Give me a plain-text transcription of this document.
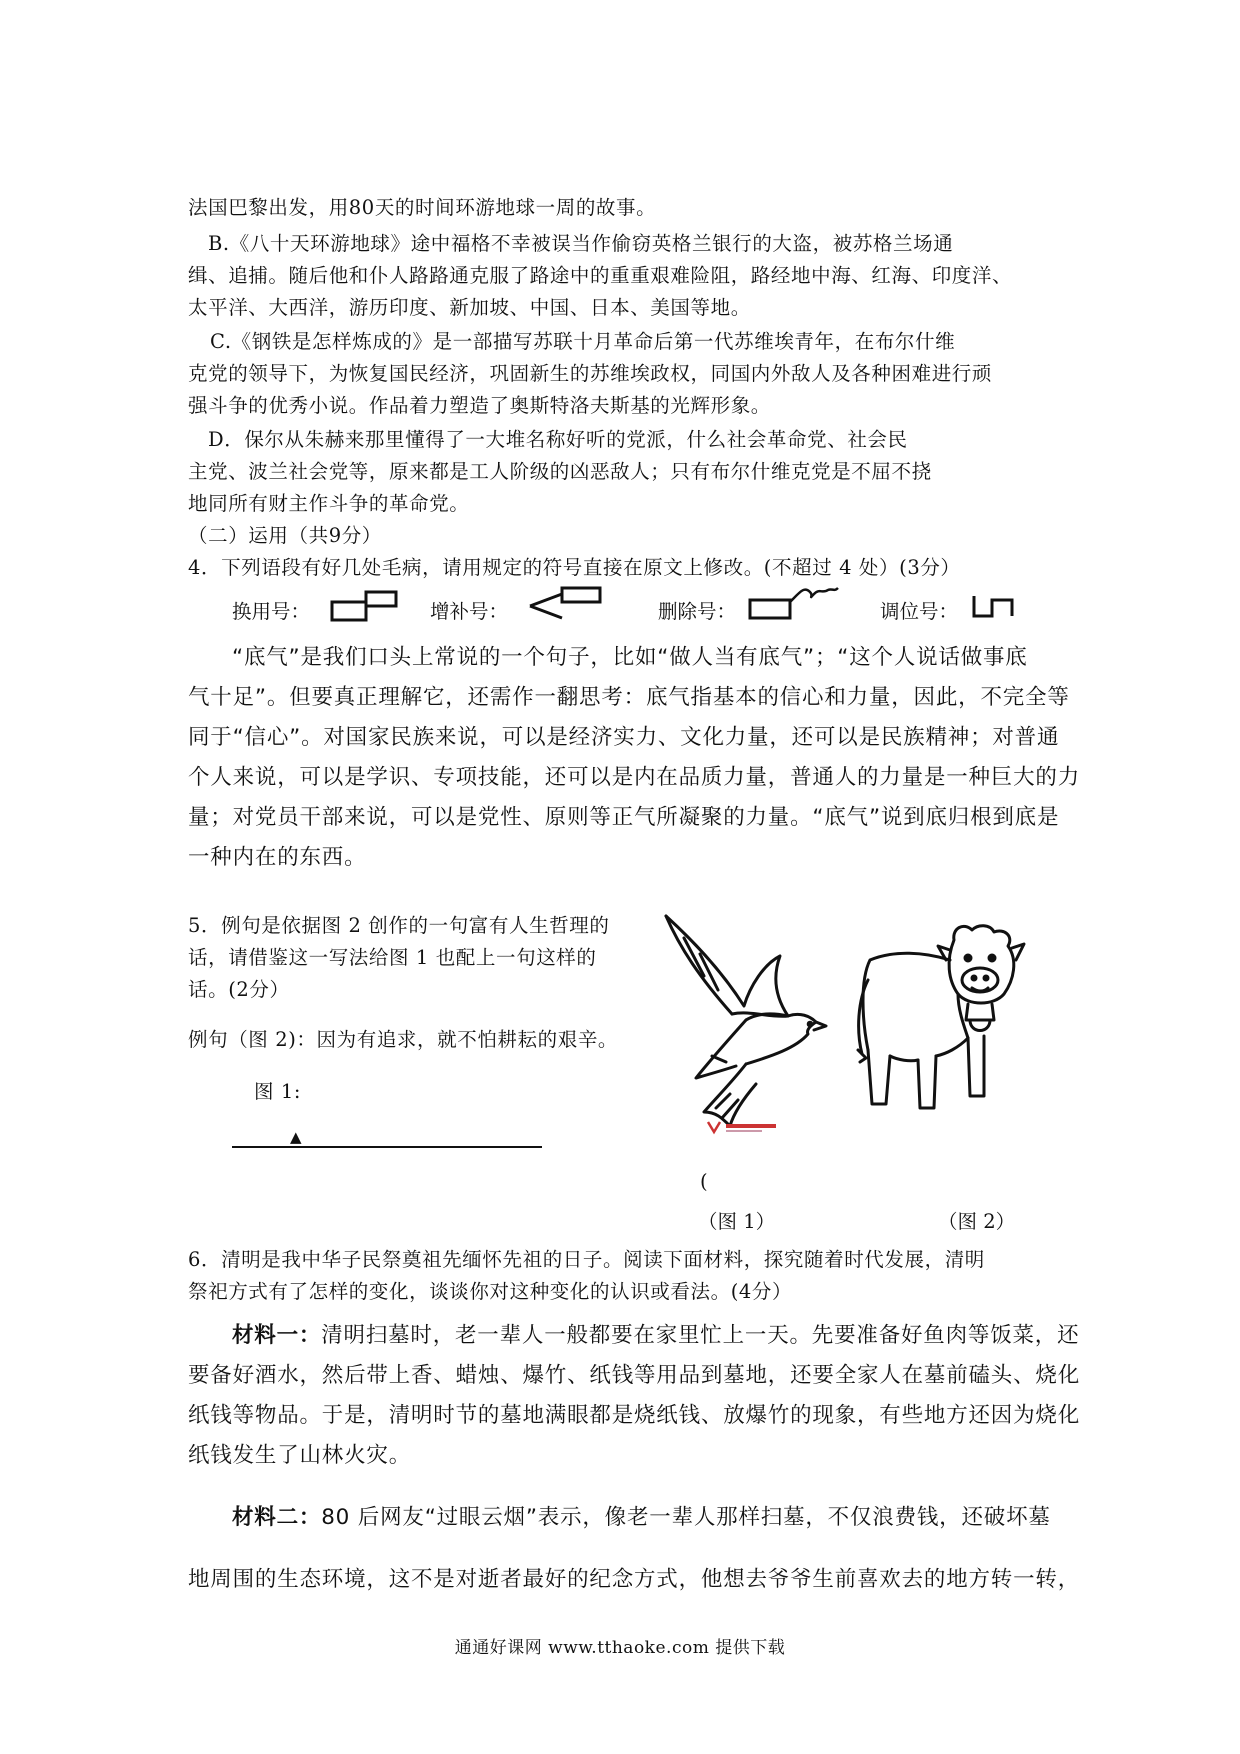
法国巴黎出发，用80天的时间环游地球一周的故事。
B.《八十天环游地球》途中福格不幸被误当作偷窃英格兰银行的大盗，被苏格兰场通
缉、追捕。随后他和仆人路路通克服了路途中的重重艰难险阻，路经地中海、红海、印度洋、
太平洋、大西洋，游历印度、新加坡、中国、日本、美国等地。
C.《钢铁是怎样炼成的》是一部描写苏联十月革命后第一代苏维埃青年，在布尔什维
克党的领导下，为恢复国民经济，巩固新生的苏维埃政权，同国内外敌人及各种困难进行顽
强斗争的优秀小说。作品着力塑造了奥斯特洛夫斯基的光辉形象。
D．保尔从朱赫来那里懂得了一大堆名称好听的党派，什么社会革命党、社会民
主党、波兰社会党等，原来都是工人阶级的凶恶敌人；只有布尔什维克党是不屈不挠
地同所有财主作斗争的革命党。
（二）运用（共9分）
4．下列语段有好几处毛病，请用规定的符号直接在原文上修改。(不超过 4 处）(3分）
换用号：	增补号：	删除号：	调位号：
“底气”是我们口头上常说的一个句子，比如“做人当有底气”；“这个人说话做事底
气十足”。但要真正理解它，还需作一翻思考：底气指基本的信心和力量，因此，不完全等
同于“信心”。对国家民族来说，可以是经济实力、文化力量，还可以是民族精神；对普通
个人来说，可以是学识、专项技能，还可以是内在品质力量，普通人的力量是一种巨大的力
量；对党员干部来说，可以是党性、原则等正气所凝聚的力量。“底气”说到底归根到底是
一种内在的东西。
5．例句是依据图 2 创作的一句富有人生哲理的
话，请借鉴这一写法给图 1 也配上一句这样的
话。(2分）
例句（图 2)：因为有追求，就不怕耕耘的艰辛。
图 1:
▲
(
（图 1）	（图 2）
6．清明是我中华子民祭奠祖先缅怀先祖的日子。阅读下面材料，探究随着时代发展，清明
祭祀方式有了怎样的变化，谈谈你对这种变化的认识或看法。(4分）
材料一：清明扫墓时，老一辈人一般都要在家里忙上一天。先要准备好鱼肉等饭菜，还
要备好酒水，然后带上香、蜡烛、爆竹、纸钱等用品到墓地，还要全家人在墓前磕头、烧化
纸钱等物品。于是，清明时节的墓地满眼都是烧纸钱、放爆竹的现象，有些地方还因为烧化
纸钱发生了山林火灾。
材料二：80 后网友“过眼云烟”表示，像老一辈人那样扫墓，不仅浪费钱，还破坏墓
地周围的生态环境，这不是对逝者最好的纪念方式，他想去爷爷生前喜欢去的地方转一转，
通通好课网 www.tthaoke.com 提供下载
